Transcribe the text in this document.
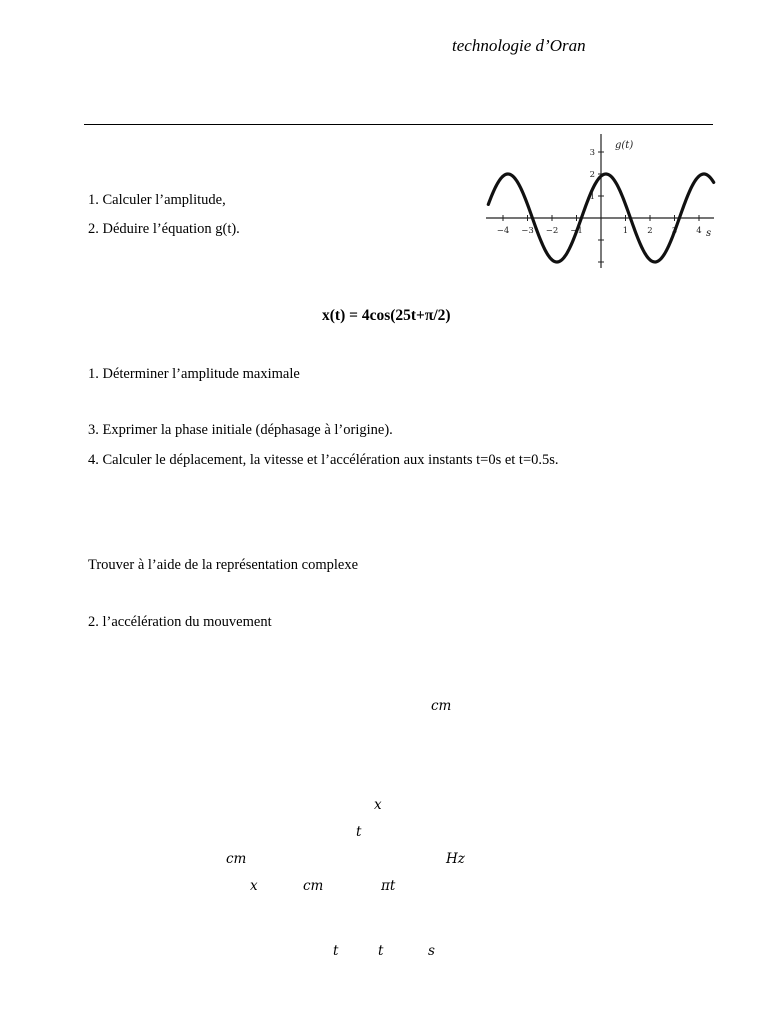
technologie d’Oran
1. Calculer l’amplitude,
2. Déduire l’équation g(t).	−4 −3 −2 −1	1 2 3 4
3
2
1
g(t)
s
x(t) = 4cos(25t+π/2)
1. Déterminer l’amplitude maximale
3. Exprimer la phase initiale (déphasage à l’origine).
4. Calculer le déplacement, la vitesse et l’accélération aux instants t=0s et t=0.5s.
Trouver à l’aide de la représentation complexe
2. l’accélération du mouvement
cm
x
t
cm	Hz
x	cm	πt
t	t	s
